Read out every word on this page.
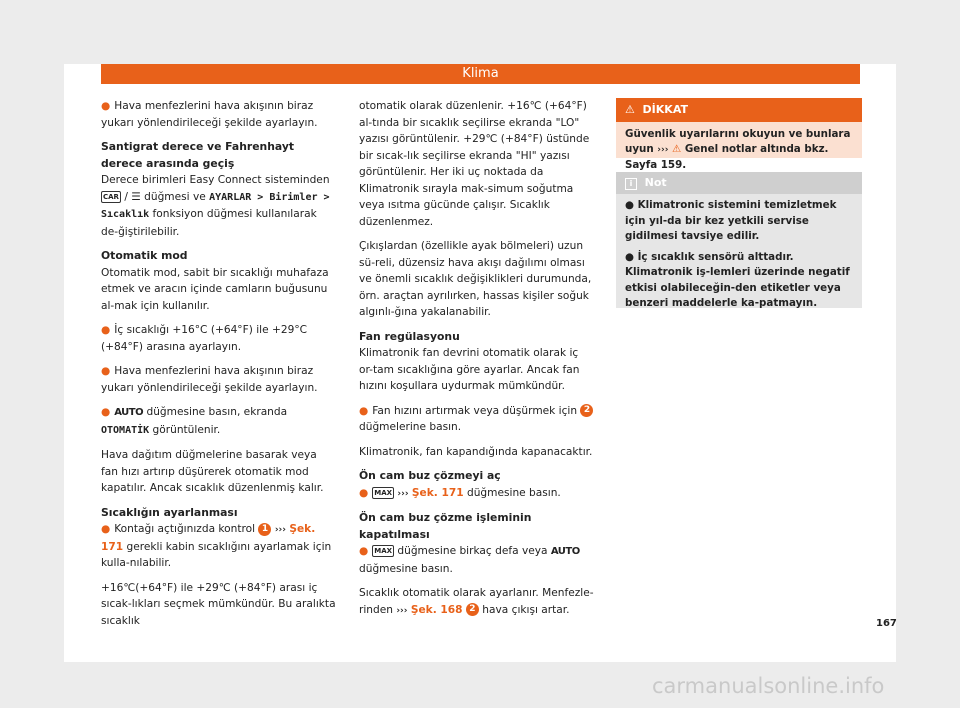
Klima

● Hava menfezlerini hava akışının biraz yukarı yönlendirileceği şekilde ayarlayın.

Santigrat derece ve Fahrenhayt derece arasında geçiş

Derece birimleri Easy Connect sisteminden CAR / ☰ düğmesi ve AYARLAR > Birimler > Sıcaklık fonksiyon düğmesi kullanılarak de-ğiştirilebilir.

Otomatik mod

Otomatik mod, sabit bir sıcaklığı muhafaza etmek ve aracın içinde camların buğusunu al-mak için kullanılır.

● İç sıcaklığı +16°C (+64°F) ile +29°C (+84°F) arasına ayarlayın.

● Hava menfezlerini hava akışının biraz yukarı yönlendirileceği şekilde ayarlayın.

● AUTO düğmesine basın, ekranda OTOMATİK görüntülenir.

Hava dağıtım düğmelerine basarak veya fan hızı artırıp düşürerek otomatik mod kapatılır. Ancak sıcaklık düzenlenmiş kalır.

Sıcaklığın ayarlanması

● Kontağı açtığınızda kontrol 1 ››› Şek. 171 gerekli kabin sıcaklığını ayarlamak için kulla-nılabilir.

+16℃(+64°F) ile +29℃ (+84°F) arası iç sıcak-lıkları seçmek mümkündür. Bu aralıkta sıcaklık

otomatik olarak düzenlenir. +16℃ (+64°F) al-tında bir sıcaklık seçilirse ekranda "LO" yazısı görüntülenir. +29℃ (+84°F) üstünde bir sıcak-lık seçilirse ekranda "HI" yazısı görüntülenir. Her iki uç noktada da Klimatronik sırayla mak-simum soğutma veya ısıtma gücünde çalışır. Sıcaklık düzenlenmez.

Çıkışlardan (özellikle ayak bölmeleri) uzun sü-reli, düzensiz hava akışı dağılımı olması ve önemli sıcaklık değişiklikleri durumunda, örn. araçtan ayrılırken, hassas kişiler soğuk algınlı-ğına yakalanabilir.

Fan regülasyonu

Klimatronik fan devrini otomatik olarak iç or-tam sıcaklığına göre ayarlar. Ancak fan hızını koşullara uydurmak mümkündür.

● Fan hızını artırmak veya düşürmek için 2 düğmelerine basın.

Klimatronik, fan kapandığında kapanacaktır.

Ön cam buz çözmeyi aç

● MAX ››› Şek. 171 düğmesine basın.

Ön cam buz çözme işleminin kapatılması

● MAX düğmesine birkaç defa veya AUTO düğmesine basın.

Sıcaklık otomatik olarak ayarlanır. Menfezle-rinden ››› Şek. 168 2 hava çıkışı artar.

⚠ DİKKAT
Güvenlik uyarılarını okuyun ve bunlara uyun ››› ⚠ Genel notlar altında bkz. Sayfa 159.
i Not

● Klimatronic sistemini temizletmek için yıl-da bir kez yetkili servise gidilmesi tavsiye edilir.

● İç sıcaklık sensörü alttadır. Klimatronik iş-lemleri üzerinde negatif etkisi olabileceğin-den etiketler veya benzeri maddelerle ka-patmayın.

167
carmanualsonline.info
